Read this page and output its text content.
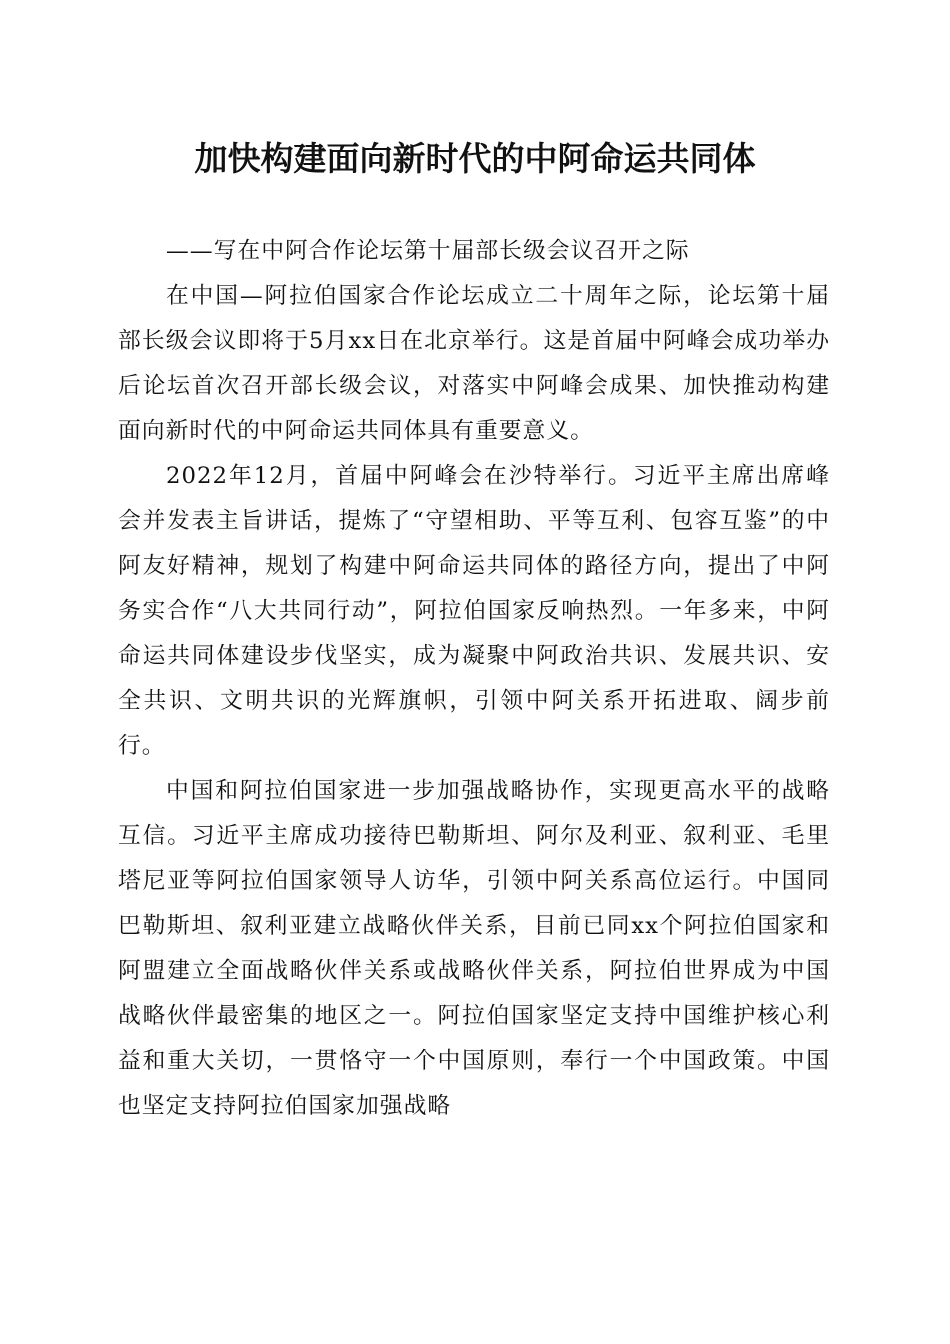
加快构建面向新时代的中阿命运共同体

——写在中阿合作论坛第十届部长级会议召开之际

在中国—阿拉伯国家合作论坛成立二十周年之际，论坛第十届部长级会议即将于5月xx日在北京举行。这是首届中阿峰会成功举办后论坛首次召开部长级会议，对落实中阿峰会成果、加快推动构建面向新时代的中阿命运共同体具有重要意义。

2022年12月，首届中阿峰会在沙特举行。习近平主席出席峰会并发表主旨讲话，提炼了“守望相助、平等互利、包容互鉴”的中阿友好精神，规划了构建中阿命运共同体的路径方向，提出了中阿务实合作“八大共同行动”，阿拉伯国家反响热烈。一年多来，中阿命运共同体建设步伐坚实，成为凝聚中阿政治共识、发展共识、安全共识、文明共识的光辉旗帜，引领中阿关系开拓进取、阔步前行。

中国和阿拉伯国家进一步加强战略协作，实现更高水平的战略互信。习近平主席成功接待巴勒斯坦、阿尔及利亚、叙利亚、毛里塔尼亚等阿拉伯国家领导人访华，引领中阿关系高位运行。中国同巴勒斯坦、叙利亚建立战略伙伴关系，目前已同xx个阿拉伯国家和阿盟建立全面战略伙伴关系或战略伙伴关系，阿拉伯世界成为中国战略伙伴最密集的地区之一。阿拉伯国家坚定支持中国维护核心利益和重大关切，一贯恪守一个中国原则，奉行一个中国政策。中国也坚定支持阿拉伯国家加强战略
